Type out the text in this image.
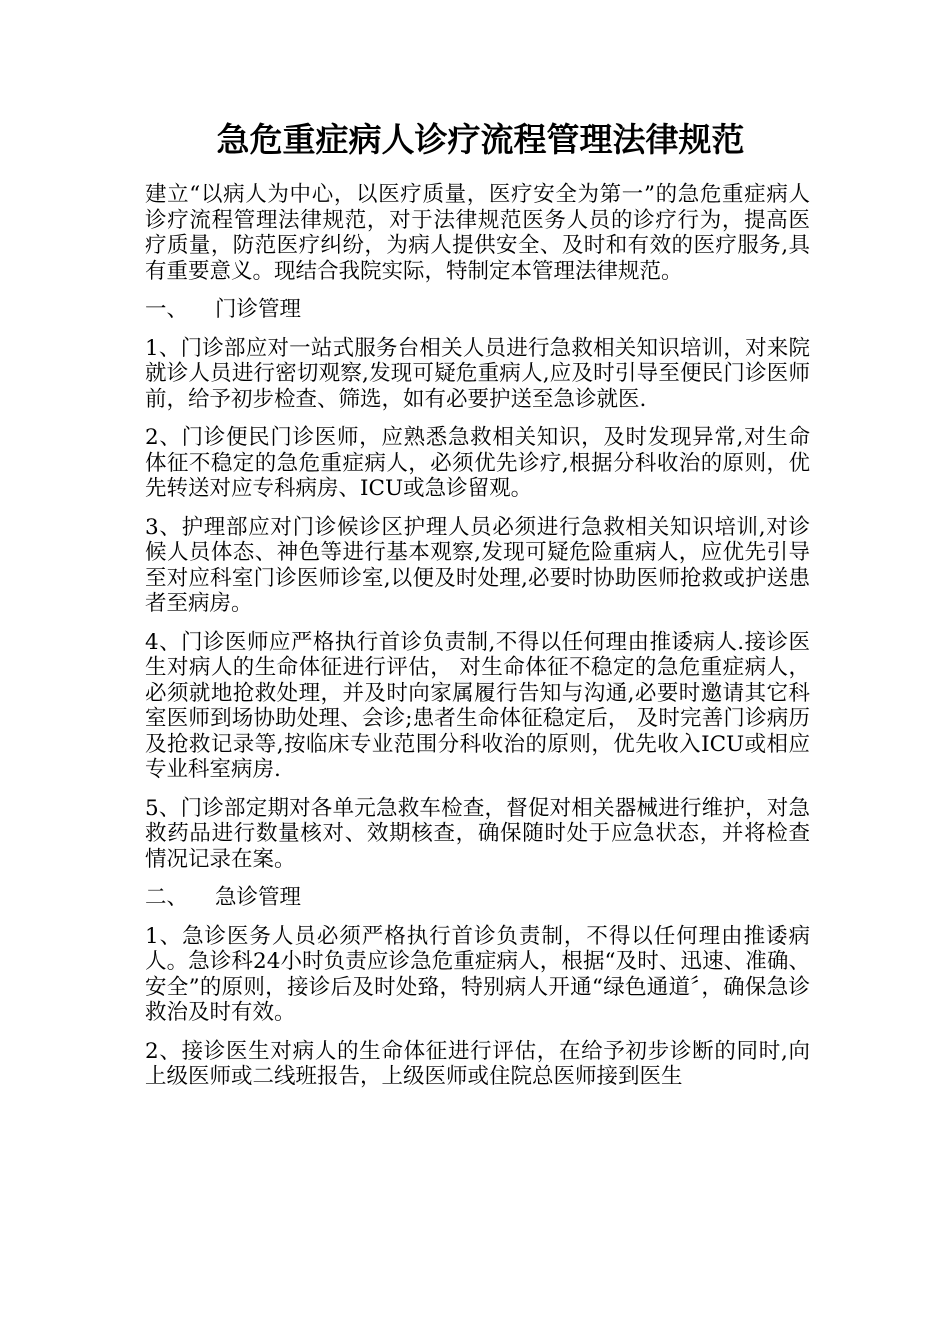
急危重症病人诊疗流程管理法律规范

建立“以病人为中心，以医疗质量，医疗安全为第一”的急危重症病人诊疗流程管理法律规范，对于法律规范医务人员的诊疗行为，提高医疗质量，防范医疗纠纷，为病人提供安全、及时和有效的医疗服务,具有重要意义。现结合我院实际，特制定本管理法律规范。

一、 门诊管理

1、门诊部应对一站式服务台相关人员进行急救相关知识培训，对来院就诊人员进行密切观察,发现可疑危重病人,应及时引导至便民门诊医师前，给予初步检查、筛选，如有必要护送至急诊就医.

2、门诊便民门诊医师，应熟悉急救相关知识，及时发现异常,对生命体征不稳定的急危重症病人，必须优先诊疗,根据分科收治的原则，优先转送对应专科病房、ICU或急诊留观。

3、护理部应对门诊候诊区护理人员必须进行急救相关知识培训,对诊候人员体态、神色等进行基本观察,发现可疑危险重病人，应优先引导至对应科室门诊医师诊室,以便及时处理,必要时协助医师抢救或护送患者至病房。

4、门诊医师应严格执行首诊负责制,不得以任何理由推诿病人.接诊医生对病人的生命体征进行评估， 对生命体征不稳定的急危重症病人，必须就地抢救处理，并及时向家属履行告知与沟通,必要时邀请其它科室医师到场协助处理、会诊;患者生命体征稳定后， 及时完善门诊病历及抢救记录等,按临床专业范围分科收治的原则，优先收入ICU或相应专业科室病房.

5、门诊部定期对各单元急救车检查，督促对相关器械进行维护，对急救药品进行数量核对、效期核查，确保随时处于应急状态，并将检查情况记录在案。

二、 急诊管理

1、急诊医务人员必须严格执行首诊负责制，不得以任何理由推诿病人。急诊科24小时负责应诊急危重症病人，根据“及时、迅速、准确、安全”的原则，接诊后及时处臵，特别病人开通“绿色通道〞，确保急诊救治及时有效。

2、接诊医生对病人的生命体征进行评估，在给予初步诊断的同时,向上级医师或二线班报告，上级医师或住院总医师接到医生
